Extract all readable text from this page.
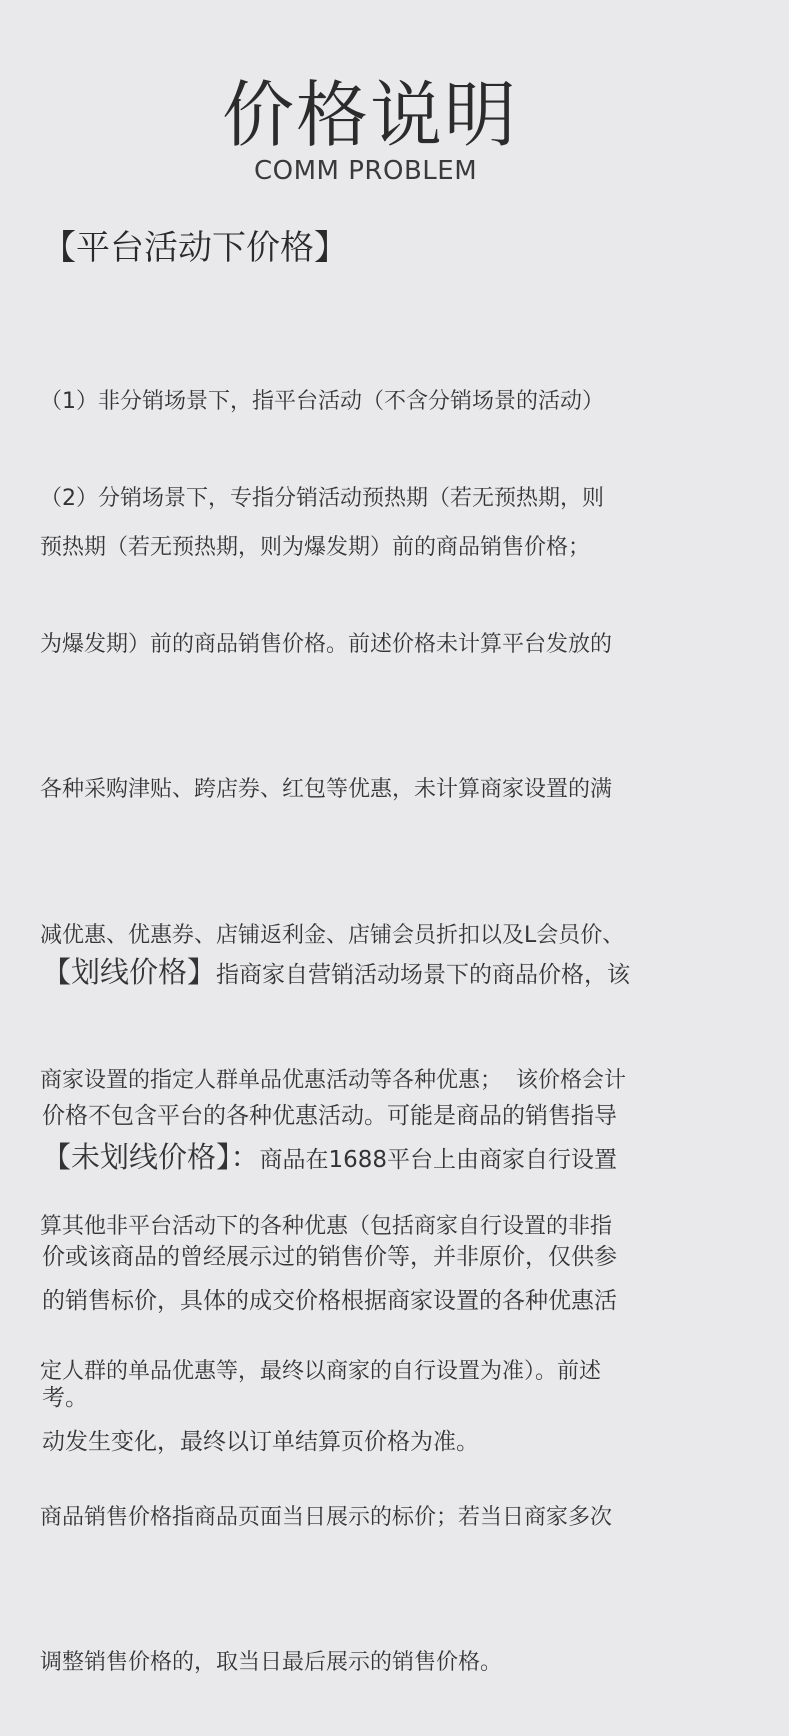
价格说明
COMM PROBLEM
【平台活动下价格】

（1）非分销场景下，指平台活动（不含分销场景的活动）

预热期（若无预热期，则为爆发期）前的商品销售价格；

（2）分销场景下，专指分销活动预热期（若无预热期，则

为爆发期）前的商品销售价格。前述价格未计算平台发放的

各种采购津贴、跨店券、红包等优惠，未计算商家设置的满

减优惠、优惠券、店铺返利金、店铺会员折扣以及L会员价、

商家设置的指定人群单品优惠活动等各种优惠；  该价格会计

算其他非平台活动下的各种优惠（包括商家自行设置的非指

定人群的单品优惠等，最终以商家的自行设置为准）。前述

商品销售价格指商品页面当日展示的标价；若当日商家多次

调整销售价格的，取当日最后展示的销售价格。

【划线价格】指商家自营销活动场景下的商品价格，该

价格不包含平台的各种优惠活动。可能是商品的销售指导

价或该商品的曾经展示过的销售价等，并非原价，仅供参

考。

【未划线价格】：商品在1688平台上由商家自行设置

的销售标价，具体的成交价格根据商家设置的各种优惠活

动发生变化，最终以订单结算页价格为准。
